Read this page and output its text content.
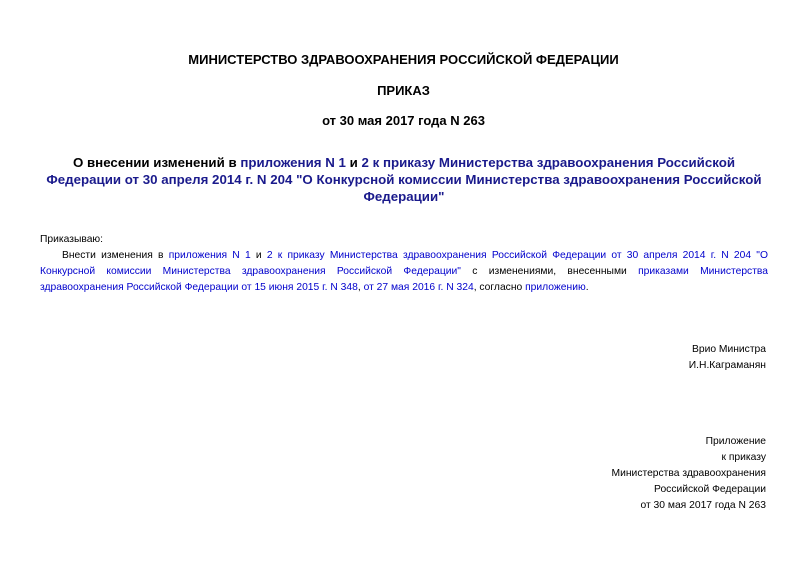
МИНИСТЕРСТВО ЗДРАВООХРАНЕНИЯ РОССИЙСКОЙ ФЕДЕРАЦИИ
ПРИКАЗ
от 30 мая 2017 года N 263
О внесении изменений в приложения N 1 и 2 к приказу Министерства здравоохранения Российской Федерации от 30 апреля 2014 г. N 204 "О Конкурсной комиссии Министерства здравоохранения Российской Федерации"
Приказываю:
Внести изменения в приложения N 1 и 2 к приказу Министерства здравоохранения Российской Федерации от 30 апреля 2014 г. N 204 "О Конкурсной комиссии Министерства здравоохранения Российской Федерации" с изменениями, внесенными приказами Министерства здравоохранения Российской Федерации от 15 июня 2015 г. N 348, от 27 мая 2016 г. N 324, согласно приложению.
Врио Министра
И.Н.Каграманян
Приложение
к приказу
Министерства здравоохранения
Российской Федерации
от 30 мая 2017 года N 263
